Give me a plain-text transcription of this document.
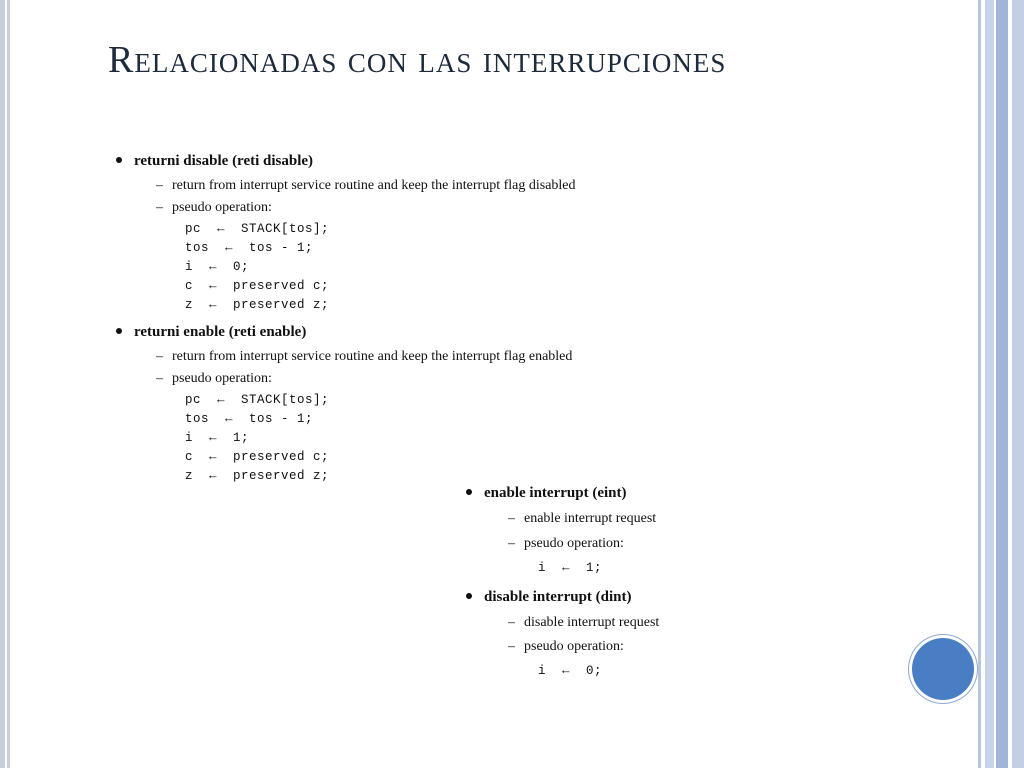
Relacionadas con las interrupciones
returni disable (reti disable)
– return from interrupt service routine and keep the interrupt flag disabled
– pseudo operation:
pc  ←  STACK[tos];
tos  ←  tos - 1;
i  ←  0;
c  ←  preserved c;
z  ←  preserved z;
returni enable (reti enable)
– return from interrupt service routine and keep the interrupt flag enabled
– pseudo operation:
pc  ←  STACK[tos];
tos  ←  tos - 1;
i  ←  1;
c  ←  preserved c;
z  ←  preserved z;
enable interrupt (eint)
– enable interrupt request
– pseudo operation:
i  ←  1;
disable interrupt (dint)
– disable interrupt request
– pseudo operation:
i  ←  0;
